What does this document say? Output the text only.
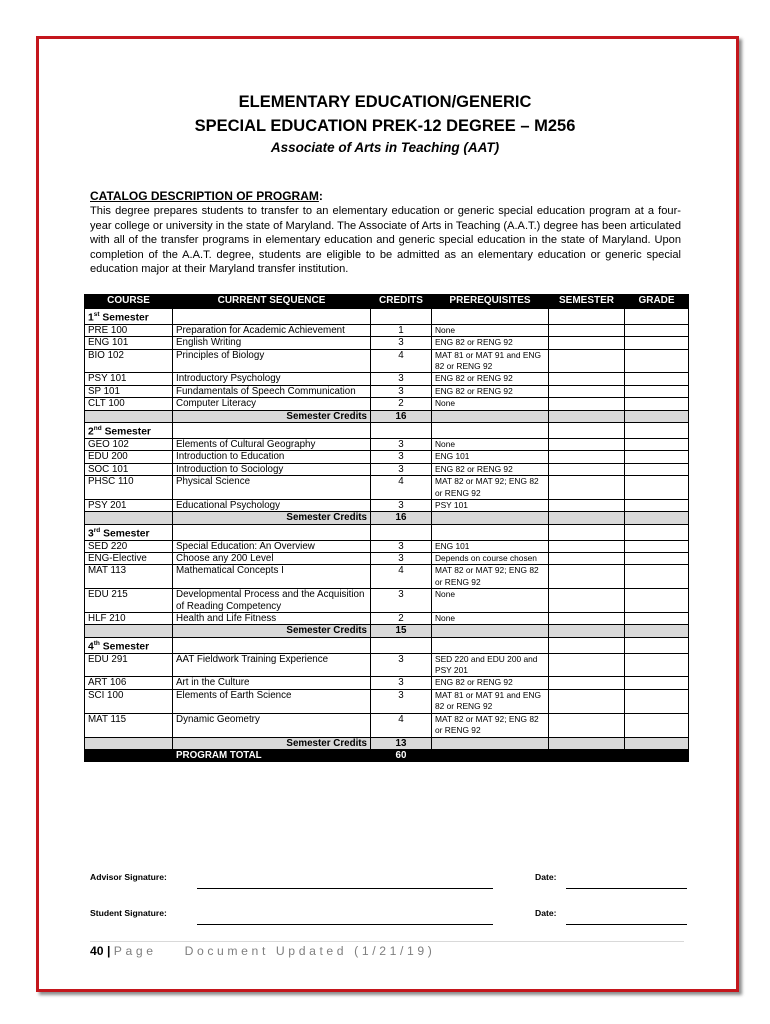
ELEMENTARY EDUCATION/GENERIC
SPECIAL EDUCATION PREK-12 DEGREE – M256
Associate of Arts in Teaching (AAT)
CATALOG DESCRIPTION OF PROGRAM:
This degree prepares students to transfer to an elementary education or generic special education program at a four-year college or university in the state of Maryland. The Associate of Arts in Teaching (A.A.T.) degree has been articulated with all of the transfer programs in elementary education and generic special education in the state of Maryland. Upon completion of the A.A.T. degree, students are eligible to be admitted as an elementary education or generic special education major at their Maryland transfer institution.
COURSE	CURRENT SEQUENCE	CREDITS	PREREQUISITES	SEMESTER	GRADE
1st Semester					
PRE 100	Preparation for Academic Achievement	1	None		
ENG 101	English Writing	3	ENG 82 or RENG 92		
BIO 102	Principles of Biology	4	MAT 81 or MAT 91 and ENG 82 or RENG 92		
PSY 101	Introductory Psychology	3	ENG 82 or RENG 92		
SP 101	Fundamentals of Speech Communication	3	ENG 82 or RENG 92		
CLT 100	Computer Literacy	2	None		
	Semester Credits	16			
2nd Semester					
GEO 102	Elements of Cultural Geography	3	None		
EDU 200	Introduction to Education	3	ENG 101		
SOC 101	Introduction to Sociology	3	ENG 82 or RENG 92		
PHSC 110	Physical Science	4	MAT 82 or MAT 92; ENG 82 or RENG 92		
PSY 201	Educational Psychology	3	PSY 101		
	Semester Credits	16			
3rd Semester					
SED 220	Special Education: An Overview	3	ENG 101		
ENG-Elective	Choose any 200 Level	3	Depends on course chosen		
MAT 113	Mathematical Concepts I	4	MAT 82 or MAT 92; ENG 82 or RENG 92		
EDU 215	Developmental Process and the Acquisition of Reading Competency	3	None		
HLF 210	Health and Life Fitness	2	None		
	Semester Credits	15			
4th Semester					
EDU 291	AAT Fieldwork Training Experience	3	SED 220 and EDU 200 and PSY 201		
ART 106	Art in the Culture	3	ENG 82 or RENG 92		
SCI 100	Elements of Earth Science	3	MAT 81 or MAT 91 and ENG 82 or RENG 92		
MAT 115	Dynamic Geometry	4	MAT 82 or MAT 92; ENG 82 or RENG 92		
	Semester Credits	13			
	PROGRAM TOTAL	60			
Advisor Signature:	Date:
Student Signature:	Date:
40 | Page Document Updated (1/21/19)
